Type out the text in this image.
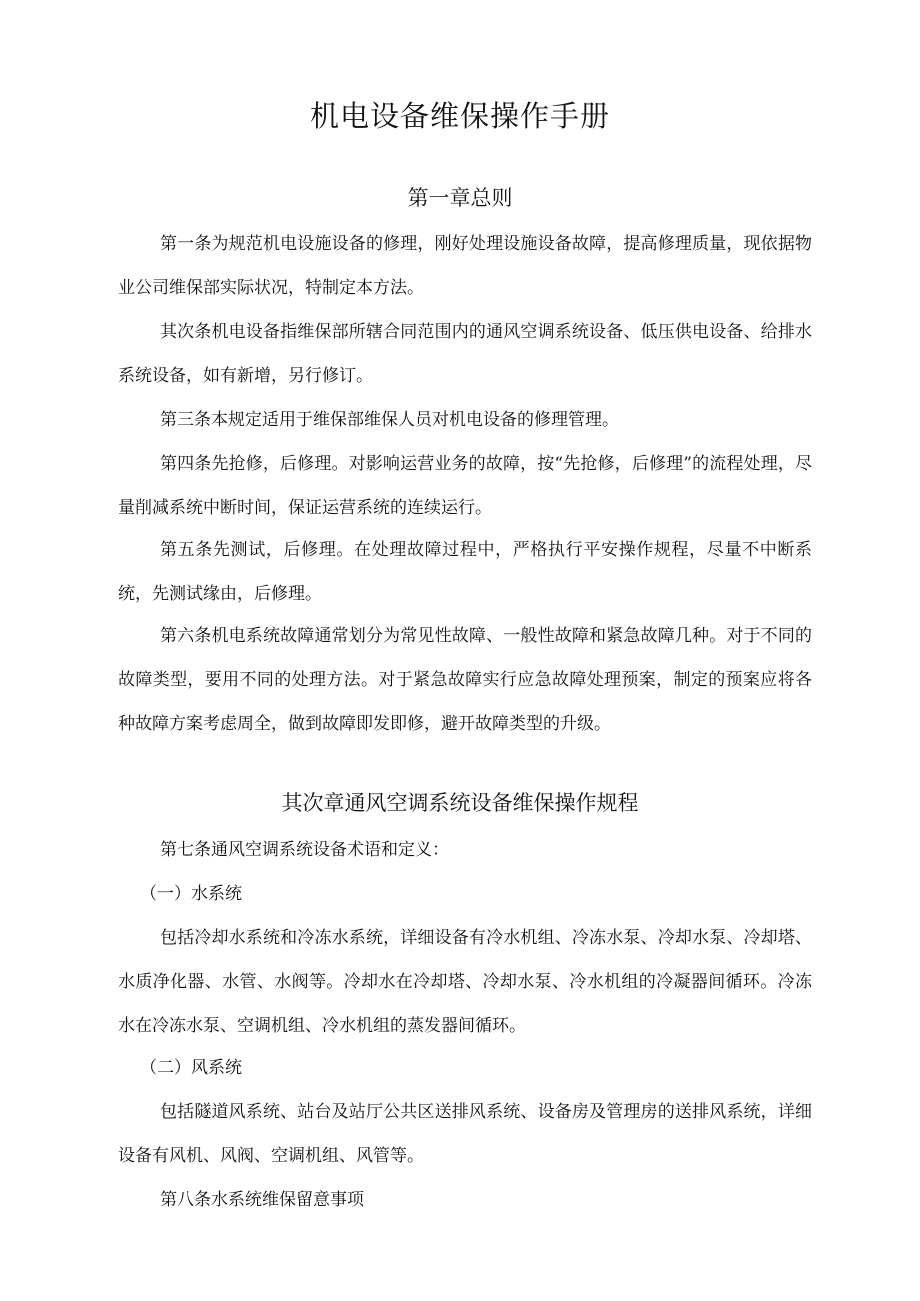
机电设备维保操作手册
第一章总则

第一条为规范机电设施设备的修理，刚好处理设施设备故障，提高修理质量，现依据物业公司维保部实际状况，特制定本方法。

其次条机电设备指维保部所辖合同范围内的通风空调系统设备、低压供电设备、给排水系统设备，如有新增，另行修订。

第三条本规定适用于维保部维保人员对机电设备的修理管理。

第四条先抢修，后修理。对影响运营业务的故障，按“先抢修，后修理”的流程处理，尽量削减系统中断时间，保证运营系统的连续运行。

第五条先测试，后修理。在处理故障过程中，严格执行平安操作规程，尽量不中断系统，先测试缘由，后修理。

第六条机电系统故障通常划分为常见性故障、一般性故障和紧急故障几种。对于不同的故障类型，要用不同的处理方法。对于紧急故障实行应急故障处理预案，制定的预案应将各种故障方案考虑周全，做到故障即发即修，避开故障类型的升级。

其次章通风空调系统设备维保操作规程

第七条通风空调系统设备术语和定义：

（一）水系统

包括冷却水系统和冷冻水系统，详细设备有冷水机组、冷冻水泵、冷却水泵、冷却塔、水质净化器、水管、水阀等。冷却水在冷却塔、冷却水泵、冷水机组的冷凝器间循环。冷冻水在冷冻水泵、空调机组、冷水机组的蒸发器间循环。

（二）风系统

包括隧道风系统、站台及站厅公共区送排风系统、设备房及管理房的送排风系统，详细设备有风机、风阀、空调机组、风管等。

第八条水系统维保留意事项
